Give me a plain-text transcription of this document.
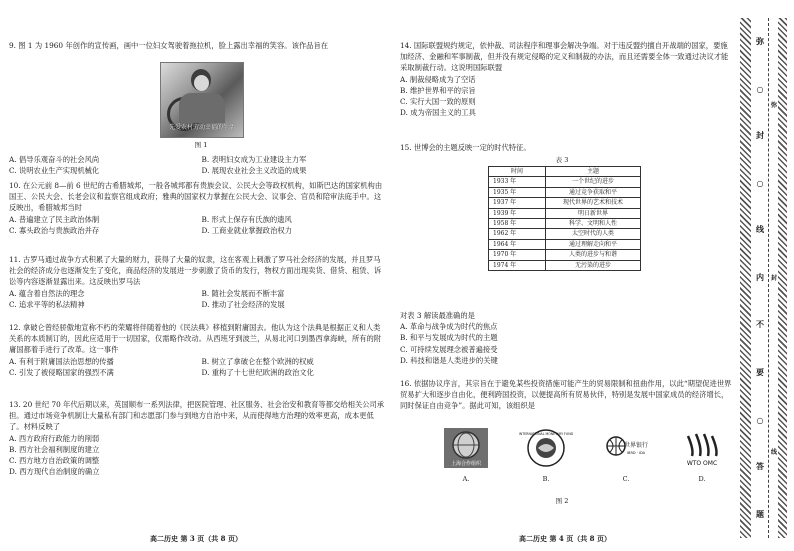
9. 图 1 为 1960 年创作的宣传画，画中一位妇女驾驶着拖拉机，脸上露出幸福的笑容。该作品旨在

先爱农村劳动幸福的生活
图 1
A. 倡导乐观奋斗的社会风尚	B. 表明妇女成为工业建设主力军
C. 说明农业生产实现机械化	D. 展现农业社会主义改造的成果

10. 在公元前 8—前 6 世纪的古希腊城邦，一般各城邦都有贵族会议、公民大会等政权机构，如斯巴达的国家机构由国王、公民大会、长老会议和监察官组成政府；雅典的国家权力掌握在公民大会、议事会、官员和陪审法庭手中。这反映出，希腊城邦当时

A. 普遍建立了民主政治体制	B. 形式上保存有氏族的遗风
C. 寡头政治与贵族政治并存	D. 工商业就业掌握政治权力

11. 古罗马通过战争方式积累了大量的财力，获得了大量的奴隶，这在客观上刺激了罗马社会经济的发展，并且罗马社会的经济成分也逐渐发生了变化，商品经济的发展进一步刺激了货币的发行，物权方面出现卖货、借贷、租赁、诉讼等内容逐渐显露出来。这反映出罗马法

A. 蕴含着自然法的理念	B. 随社会发展而不断丰富
C. 追求平等的私法精神	D. 推动了社会经济的发展

12. 拿破仑曾经骄傲地宣称不朽的荣耀将伴随着他的《民法典》移植到附庸国去。他认为这个法典是根据正义和人类关系的本质制订的，因此应适用于一切国家，仅需略作改动。从西班牙到波兰，从易北河口到墨西拿海峡，所有的附庸国都着手进行了改革。这一事件

A. 有利于附庸国法治思想的传播	B. 树立了拿破仑在整个欧洲的权威
C. 引发了被侵略国家的强烈不满	D. 重构了十七世纪欧洲的政治文化

13. 20 世纪 70 年代后期以来，英国顺布一系列法律，把医院管理、社区服务、社会治安和教育等都交给相关公司承担。通过市场竞争机制让大量私有部门和志愿部门参与到地方自治中来，从而使得地方治理的效率更高，成本更低了。材料反映了

A. 西方政府行政能力的削弱
B. 西方社会福利制度的建立
C. 西方地方自治政策的调整
D. 西方现代自治制度的确立
高二历史 第 3 页（共 8 页）

14. 国际联盟规约规定，依仲裁、司法程序和理事会解决争端。对于违反盟约擅自开战端的国家，要施加经济、金融和军事制裁，但并没有规定侵略的定义和制裁的办法，而且还需要全体一致通过决议才能采取制裁行动。这说明国际联盟

A. 制裁侵略成为了空话
B. 维护世界和平的宗旨
C. 实行大国一致的原则
D. 成为帝国主义的工具

15. 世博会的主题反映一定的时代特征。

表 3
时间	主题
1933 年	一个世纪的进步
1935 年	通过竞争获取和平
1937 年	现代世界的艺术和技术
1939 年	明日新世界
1958 年	科学、文明和人性
1962 年	太空时代的人类
1964 年	通过理解走向和平
1970 年	人类的进步与和谐
1974 年	无污染的进步

对表 3 解读最准确的是

A. 革命与战争成为时代的焦点
B. 和平与发展成为时代的主题
C. 可持续发展理念被普遍接受
D. 科技和谐是人类进步的关键

16. 依据协议序言，其宗旨在于避免某些投资措施可能产生的贸易限制和扭曲作用，以此“期望促进世界贸易扩大和逐步自由化，便利跨国投资，以便提高所有贸易伙伴，特别是发展中国家成员的经济增长，同时保证自由竞争”。据此可知，该组织是

上海合作组织
A.
INTERNATIONAL MONETARY FUND
B.
世界银行
IBRD · IDA
C.
WTO OMC
D.
图 2
高二历史 第 4 页（共 8 页）
弥
○
封
○
线
内
不
要
○
答
题
弥
封
线
